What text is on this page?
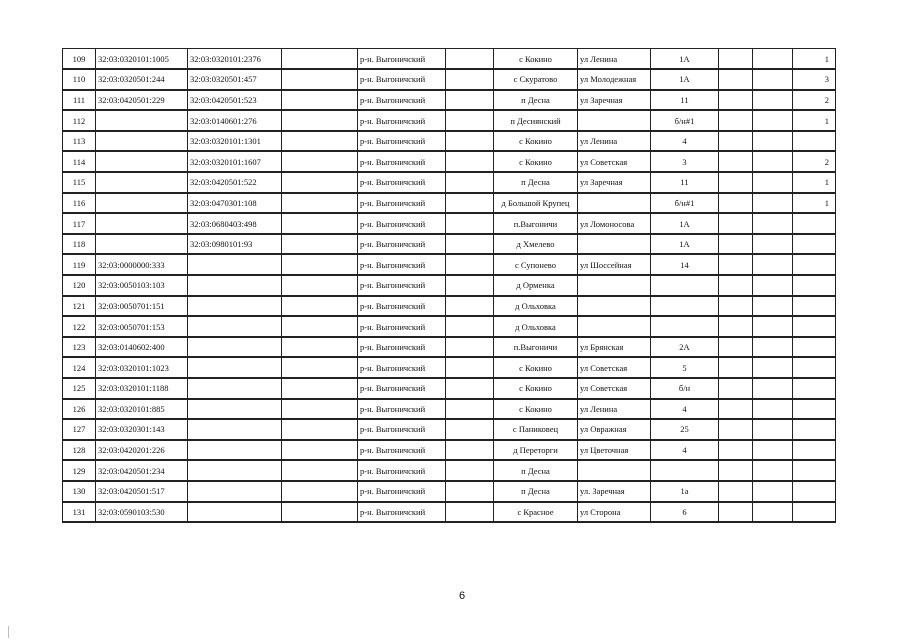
109	32:03:0320101:1005	32:03:0320101:2376		р-н. Выгоничский		с Кокино	ул Ленина	1А			1
110	32:03:0320501:244	32:03:0320501:457		р-н. Выгоничский		с Скуратово	ул Молодежная	1А			3
111	32:03:0420501:229	32:03:0420501:523		р-н. Выгоничский		п Десна	ул Заречная	11			2
112		32:03:0140601:276		р-н. Выгоничский		п Десиянский		б/н#1			1
113		32:03:0320101:1301		р-н. Выгоничский		с Кокино	ул Ленина	4			
114		32:03:0320101:1607		р-н. Выгоничский		с Кокино	ул Советская	3			2
115		32:03:0420501:522		р-н. Выгоничский		п Десна	ул Заречная	11			1
116		32:03:0470301:108		р-н. Выгоничский		д Большой Крупец		б/н#1			1
117		32:03:0680403:498		р-н. Выгоничский		п.Выгоничи	ул Ломоносова	1А			
118		32:03:0980101:93		р-н. Выгоничский		д Хмелево		1А			
119	32:03:0000000:333			р-н. Выгоничский		с Супонево	ул Шоссейная	14			
120	32:03:0050103:103			р-н. Выгоничский		д Орменка					
121	32:03:0050701:151			р-н. Выгоничский		д Ольховка					
122	32:03:0050701:153			р-н. Выгоничский		д Ольховка					
123	32:03:0140602:400			р-н. Выгоничский		п.Выгоничи	ул Брянская	2А			
124	32:03:0320101:1023			р-н. Выгоничский		с Кокино	ул Советская	5			
125	32:03:0320101:1188			р-н. Выгоничский		с Кокино	ул Советская	б/н			
126	32:03:0320101:885			р-н. Выгоничский		с Кокино	ул Ленина	4			
127	32:03:0320301:143			р-н. Выгоничский		с Паниковец	ул Овражная	25			
128	32:03:0420201:226			р-н. Выгоничский		д Переторги	ул Цветочная	4			
129	32:03:0420501:234			р-н. Выгоничский		п Десна					
130	32:03:0420501:517			р-н. Выгоничский		п Десна	ул. Заречная	1а			
131	32:03:0590103:530			р-н. Выгоничский		с Красное	ул Сторона	6			
6
